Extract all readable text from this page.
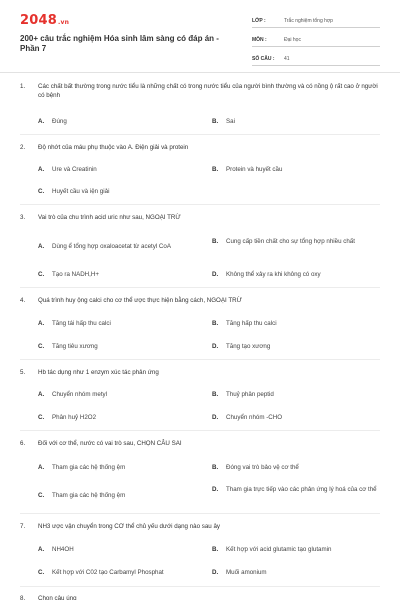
2048.vn
200+ câu trắc nghiệm Hóa sinh lâm sàng có đáp án - Phần 7
LỚP :	Trắc nghiệm tổng hợp
MÔN :	Đại học
SỐ CÂU :	41
1.	Các chất bất thường trong nước tiểu là những chất có trong nước tiểu của người bình thường và có nồng ộ rất cao ở người có bệnh
A.	Đúng	B.	Sai
2.	Độ nhớt của máu phụ thuộc vào A. Điện giải và protein
A.	Ure và Creatinin	B.	Protein và huyết cầu
C.	Huyết cầu và iện giải
3.	Vai trò của chu trình acid uric như sau, NGOẠI TRỪ
A.	Dùng ể tổng hợp oxaloacetat từ acetyl CoA
B.	Cung cấp tiền chất cho sự tổng hợp nhiều chất
C.	Tạo ra NADH,H+	D.	Không thể xảy ra khi không có oxy
4.	Quá trình huy ộng calci cho cơ thể ược thực hiện bằng cách, NGOẠI TRỪ
A.	Tăng tái hấp thu calci	B.	Tăng hấp thu calci
C.	Tăng tiêu xương	D.	Tăng tạo xương
5.	Hb tác dụng như 1 enzym xúc tác phản ứng
A.	Chuyển nhóm metyl	B.	Thuỷ phân peptid
C.	Phân huỷ H2O2	D.	Chuyển nhóm -CHO
6.	Đối với cơ thể, nước có vai trò sau, CHỌN CÂU SAI
A.	Tham gia các hệ thống ệm	B.	Đóng vai trò bảo vệ cơ thể
C.	Tham gia các hệ thống ệm
D.	Tham gia trực tiếp vào các phản ứng lý hoá của cơ thể
7.	NH3 ược vận chuyển trong CƠ thể chủ yếu dưới dạng nào sau ây
A.	NH4OH	B.	Kết hợp với acid glutamic tạo glutamin
C.	Kết hợp với C02 tạo Carbamyl Phosphat	D.	Muối amonium
8.	Chọn câu úng
